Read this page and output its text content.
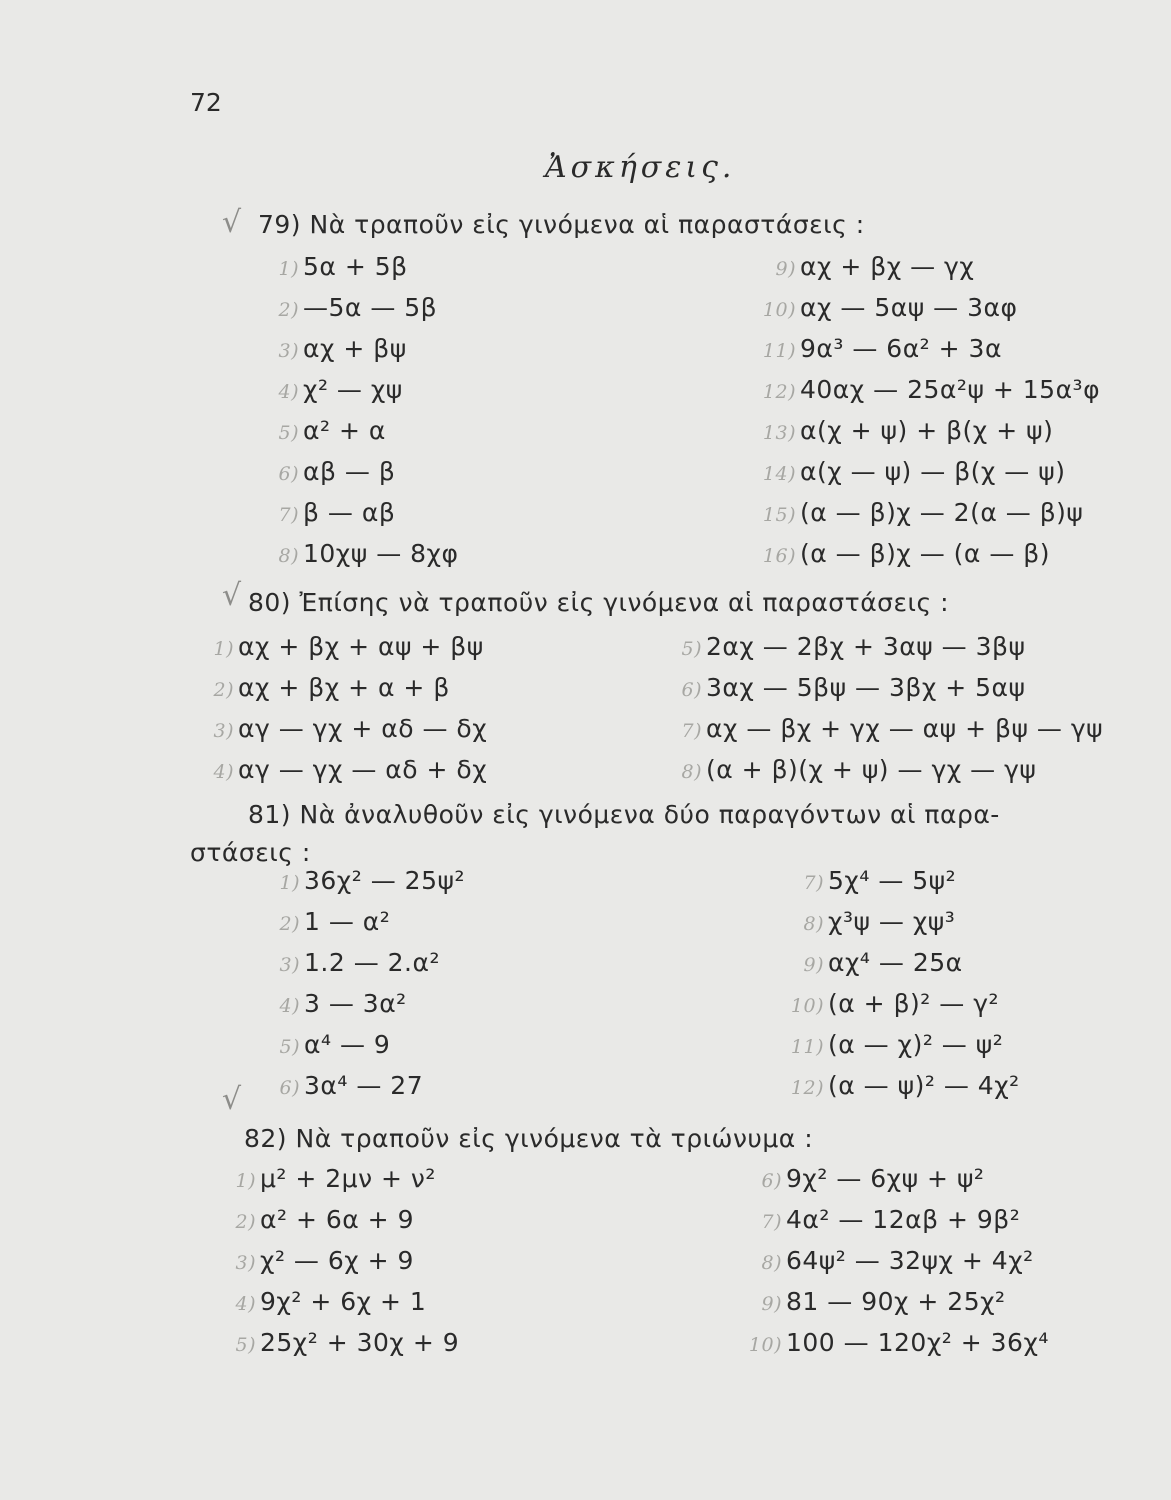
72
Ἀσκήσεις.
√ 79) Νὰ τραποῦν εἰς γινόμενα αἱ παραστάσεις :
1) 5α + 5β
2) —5α — 5β
3) αχ + βψ
4) χ² — χψ
5) α² + α
6) αβ — β
7) β — αβ
8) 10χψ — 8χφ
9) αχ + βχ — γχ
10) αχ — 5αψ — 3αφ
11) 9α³ — 6α² + 3α
12) 40αχ — 25α²ψ + 15α³φ
13) α(χ + ψ) + β(χ + ψ)
14) α(χ — ψ) — β(χ — ψ)
15) (α — β)χ — 2(α — β)ψ
16) (α — β)χ — (α — β)
√ 80) Ἐπίσης νὰ τραποῦν εἰς γινόμενα αἱ παραστάσεις :
1) αχ + βχ + αψ + βψ
2) αχ + βχ + α + β
3) αγ — γχ + αδ — δχ
4) αγ — γχ — αδ + δχ
5) 2αχ — 2βχ + 3αψ — 3βψ
6) 3αχ — 5βψ — 3βχ + 5αψ
7) αχ — βχ + γχ — αψ + βψ — γψ
8) (α + β)(χ + ψ) — γχ — γψ
81) Νὰ ἀναλυθοῦν εἰς γινόμενα δύο παραγόντων αἱ παρα-
στάσεις :
1) 36χ² — 25ψ²
2) 1 — α²
3) 1.2 — 2.α²
4) 3 — 3α²
5) α⁴ — 9
6) 3α⁴ — 27
7) 5χ⁴ — 5ψ²
8) χ³ψ — χψ³
9) αχ⁴ — 25α
10) (α + β)² — γ²
11) (α — χ)² — ψ²
12) (α — ψ)² — 4χ²
√
82) Νὰ τραποῦν εἰς γινόμενα τὰ τριώνυμα :
1) μ² + 2μν + ν²
2) α² + 6α + 9
3) χ² — 6χ + 9
4) 9χ² + 6χ + 1
5) 25χ² + 30χ + 9
6) 9χ² — 6χψ + ψ²
7) 4α² — 12αβ + 9β²
8) 64ψ² — 32ψχ + 4χ²
9) 81 — 90χ + 25χ²
10) 100 — 120χ² + 36χ⁴
